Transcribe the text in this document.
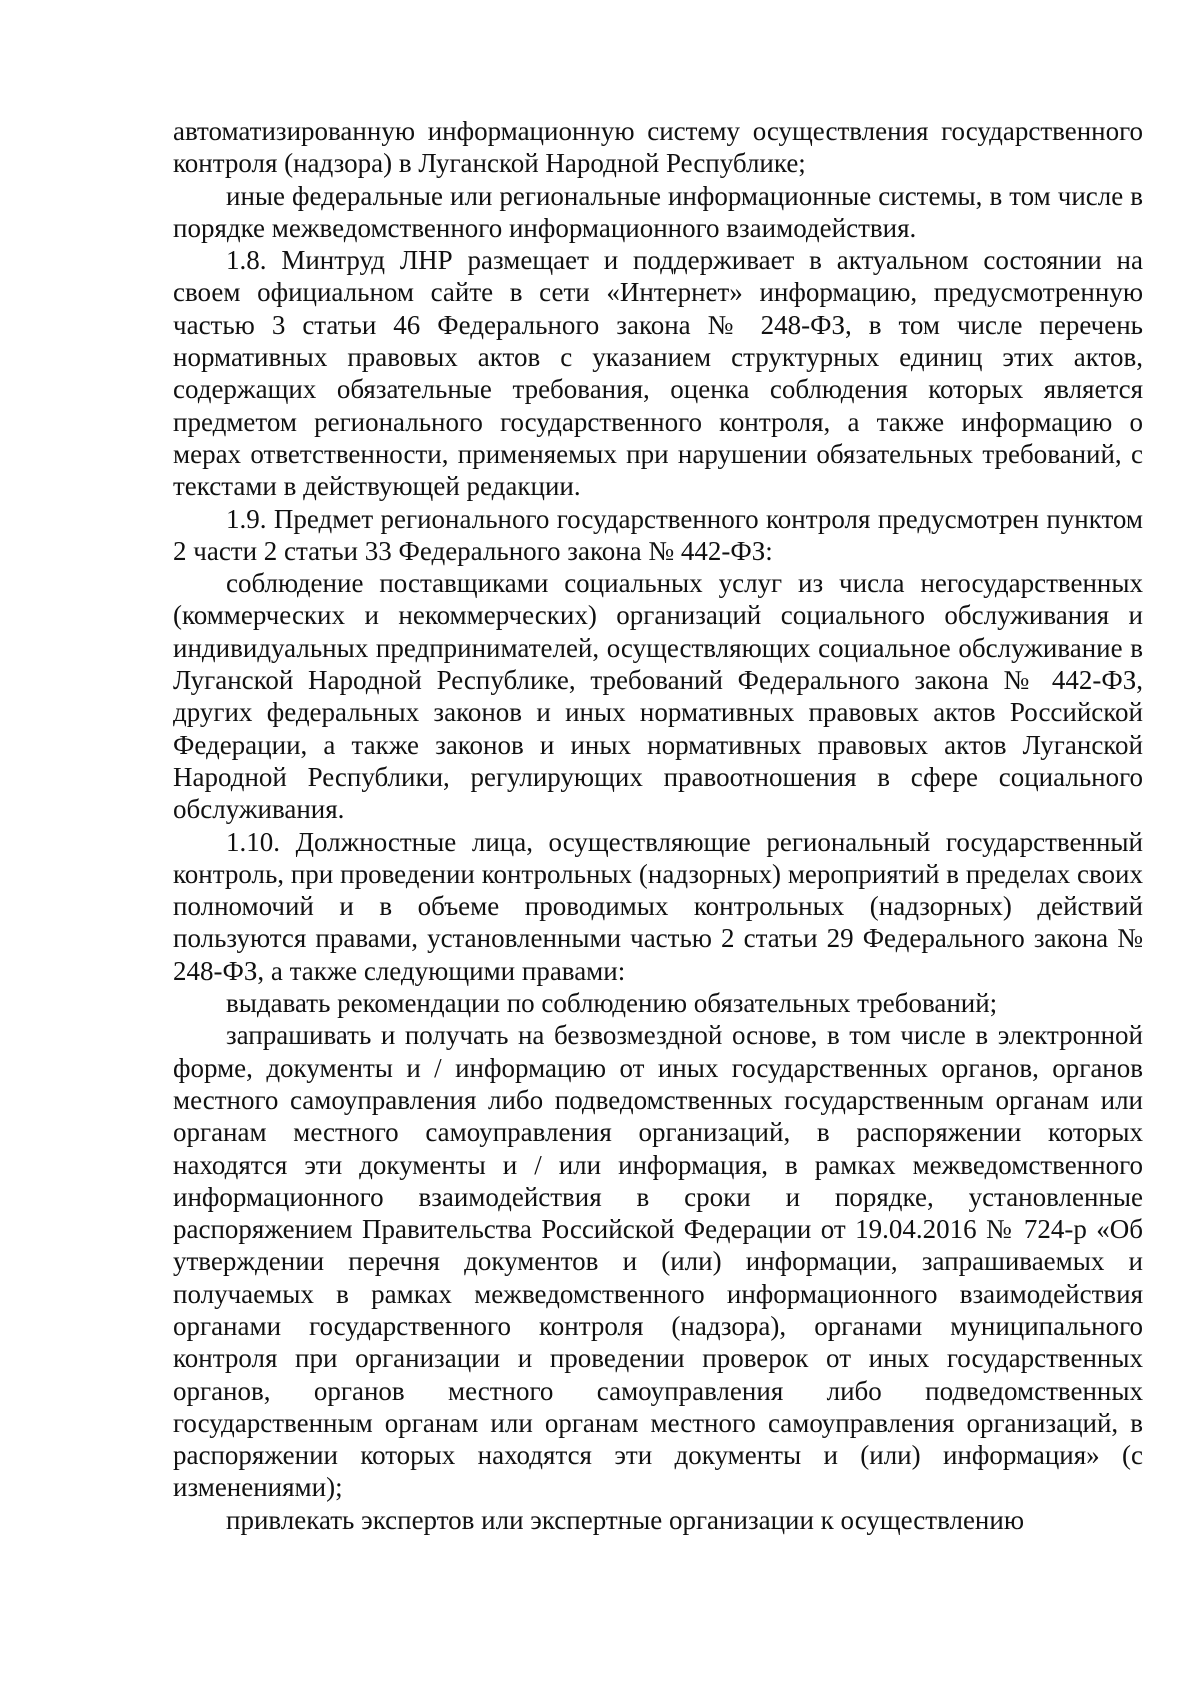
автоматизированную информационную систему осуществления государственного контроля (надзора) в Луганской Народной Республике;

иные федеральные или региональные информационные системы, в том числе в порядке межведомственного информационного взаимодействия.

1.8. Минтруд ЛНР размещает и поддерживает в актуальном состоянии на своем официальном сайте в сети «Интернет» информацию, предусмотренную частью 3 статьи 46 Федерального закона № 248-ФЗ, в том числе перечень нормативных правовых актов с указанием структурных единиц этих актов, содержащих обязательные требования, оценка соблюдения которых является предметом регионального государственного контроля, а также информацию о мерах ответственности, применяемых при нарушении обязательных требований, с текстами в действующей редакции.

1.9. Предмет регионального государственного контроля предусмотрен пунктом 2 части 2 статьи 33 Федерального закона № 442-ФЗ:

соблюдение поставщиками социальных услуг из числа негосударственных (коммерческих и некоммерческих) организаций социального обслуживания и индивидуальных предпринимателей, осуществляющих социальное обслуживание в Луганской Народной Республике, требований Федерального закона № 442-ФЗ, других федеральных законов и иных нормативных правовых актов Российской Федерации, а также законов и иных нормативных правовых актов Луганской Народной Республики, регулирующих правоотношения в сфере социального обслуживания.

1.10. Должностные лица, осуществляющие региональный государственный контроль, при проведении контрольных (надзорных) мероприятий в пределах своих полномочий и в объеме проводимых контрольных (надзорных) действий пользуются правами, установленными частью 2 статьи 29 Федерального закона № 248-ФЗ, а также следующими правами:

выдавать рекомендации по соблюдению обязательных требований;

запрашивать и получать на безвозмездной основе, в том числе в электронной форме, документы и / информацию от иных государственных органов, органов местного самоуправления либо подведомственных государственным органам или органам местного самоуправления организаций, в распоряжении которых находятся эти документы и / или информация, в рамках межведомственного информационного взаимодействия в сроки и порядке, установленные распоряжением Правительства Российской Федерации от 19.04.2016 № 724-р «Об утверждении перечня документов и (или) информации, запрашиваемых и получаемых в рамках межведомственного информационного взаимодействия органами государственного контроля (надзора), органами муниципального контроля при организации и проведении проверок от иных государственных органов, органов местного самоуправления либо подведомственных государственным органам или органам местного самоуправления организаций, в распоряжении которых находятся эти документы и (или) информация» (с изменениями);

привлекать экспертов или экспертные организации к осуществлению
